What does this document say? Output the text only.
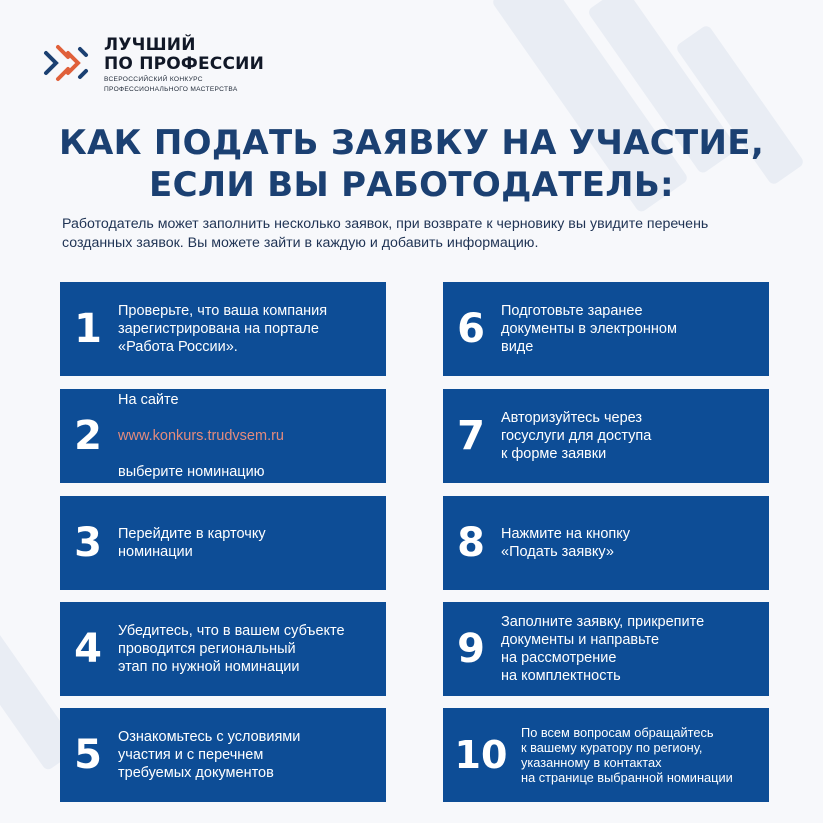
ЛУЧШИЙ
ПО ПРОФЕССИИ
ВСЕРОССИЙСКИЙ КОНКУРС
ПРОФЕССИОНАЛЬНОГО МАСТЕРСТВА
КАК ПОДАТЬ ЗАЯВКУ НА УЧАСТИЕ,
ЕСЛИ ВЫ РАБОТОДАТЕЛЬ:
Работодатель может заполнить несколько заявок, при возврате к черновику вы увидите перечень созданных заявок. Вы можете зайти в каждую и добавить информацию.
1	Проверьте, что ваша компания
зарегистрирована на портале
«Работа России».
2

На сайте

www.konkurs.trudvsem.ru

выберите номинацию

3	Перейдите в карточку
номинации
4	Убедитесь, что в вашем субъекте
проводится региональный
этап по нужной номинации
5	Ознакомьтесь с условиями
участия и с перечнем
требуемых документов
6	Подготовьте заранее
документы в электронном
виде
7	Авторизуйтесь через
госуслуги для доступа
к форме заявки
8	Нажмите на кнопку
«Подать заявку»
9
Заполните заявку, прикрепите
документы и направьте
на рассмотрение
на комплектность
10
По всем вопросам обращайтесь
к вашему куратору по региону,
указанному в контактах
на странице выбранной номинации
